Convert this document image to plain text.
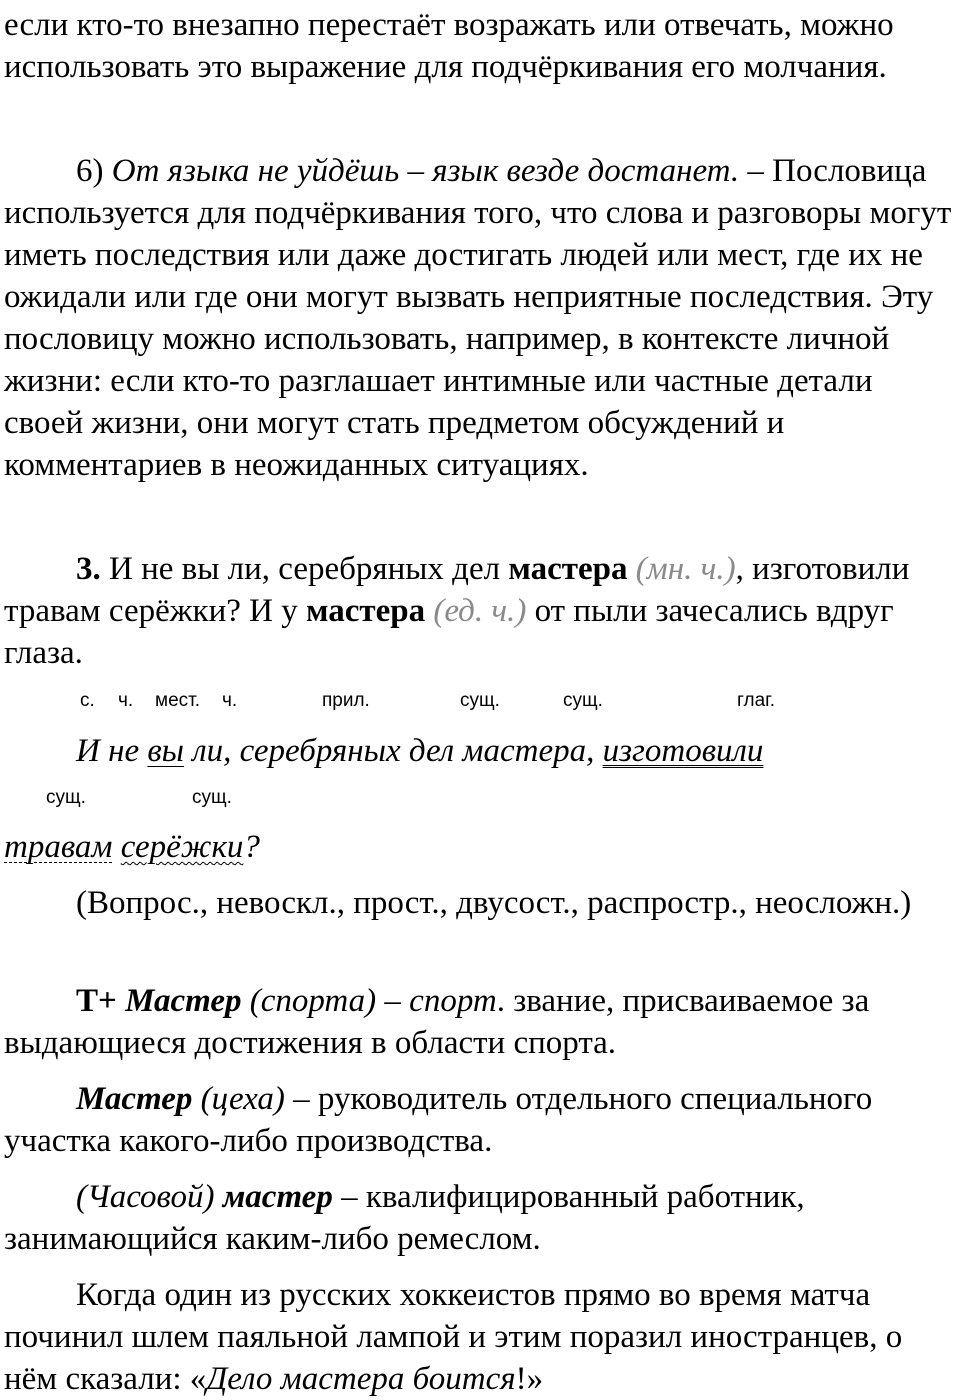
если кто-то внезапно перестаёт возражать или отвечать, можно использовать это выражение для подчёркивания его молчания.

6) От языка не уйдёшь – язык везде достанет. – Пословица используется для подчёркивания того, что слова и разговоры могут иметь последствия или даже достигать людей или мест, где их не ожидали или где они могут вызвать неприятные последствия. Эту пословицу можно использовать, например, в контексте личной жизни: если кто-то разглашает интимные или частные детали своей жизни, они могут стать предметом обсуждений и комментариев в неожиданных ситуациях.

3. И не вы ли, серебряных дел мастера (мн. ч.), изготовили травам серёжки? И у мастера (ед. ч.) от пыли зачесались вдруг глаза.

с. ч. мест. ч.	прил.	сущ.	сущ.	глаг.
И не вы ли, серебряных дел мастера, изготовили
сущ.	сущ.
травам серёжки?

(Вопрос., невоскл., прост., двусост., распростр., неосложн.)

Т+ Мастер (спорта) – спорт. звание, присваиваемое за выдающиеся достижения в области спорта.

Мастер (цеха) – руководитель отдельного специального участка какого-либо производства.

(Часовой) мастер – квалифицированный работник, занимающийся каким-либо ремеслом.

Когда один из русских хоккеистов прямо во время матча починил шлем паяльной лампой и этим поразил иностранцев, о нём сказали: «Дело мастера боится!»
